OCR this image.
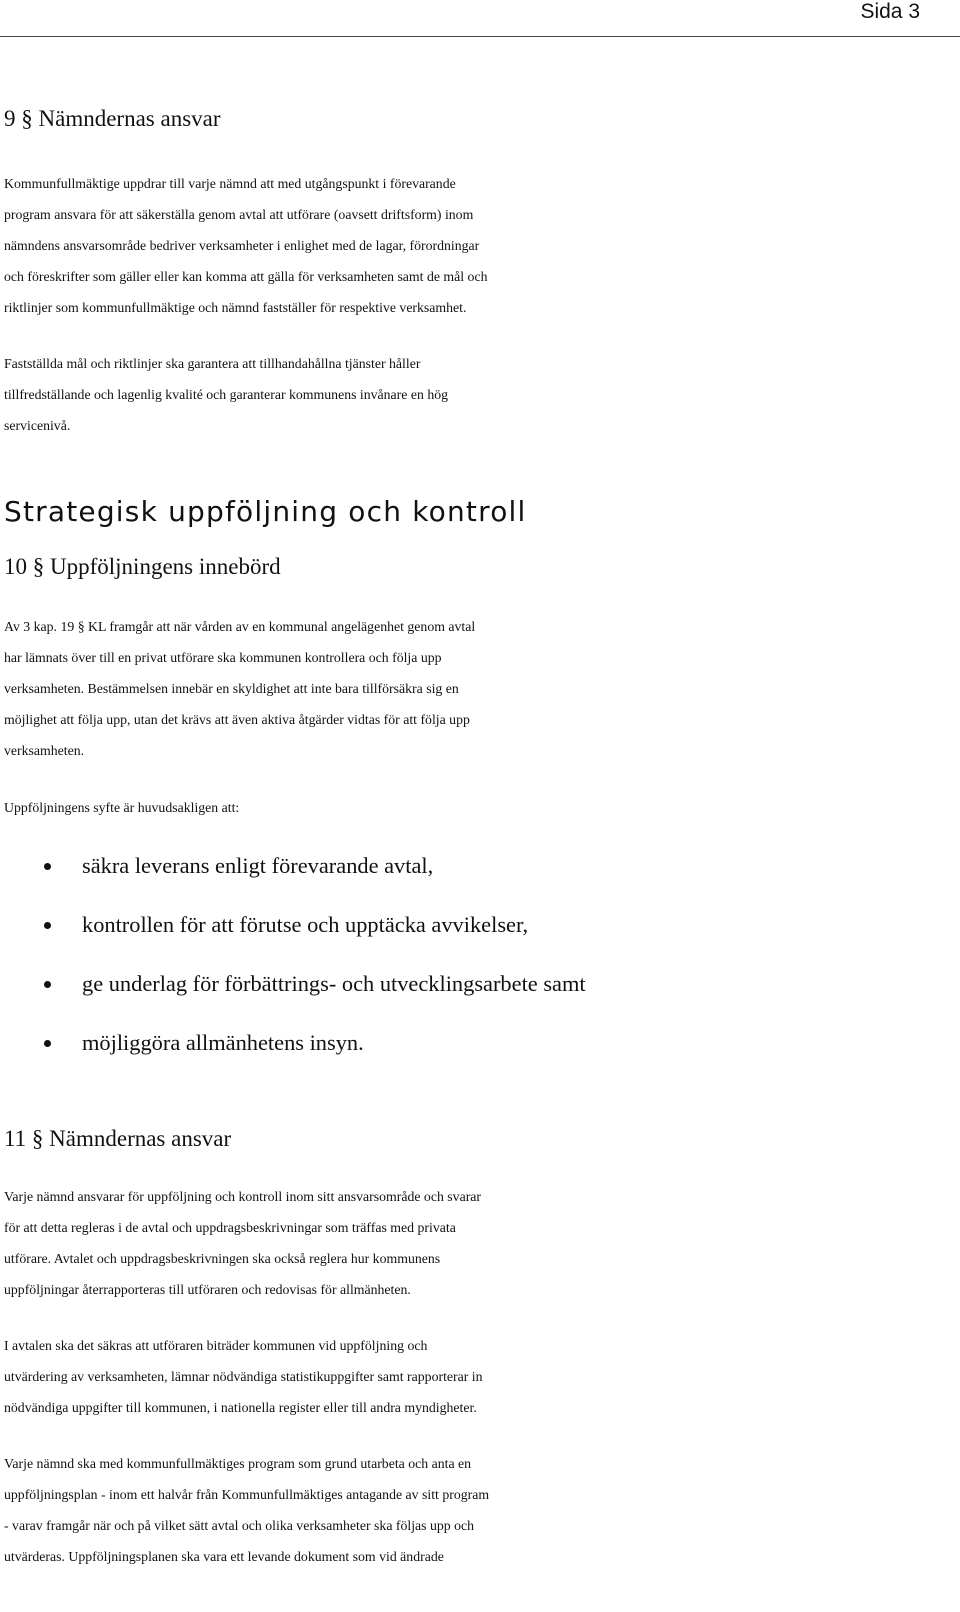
Sida 3
9 § Nämndernas ansvar

Kommunfullmäktige uppdrar till varje nämnd att med utgångspunkt i förevarande
program ansvara för att säkerställa genom avtal att utförare (oavsett driftsform) inom
nämndens ansvarsområde bedriver verksamheter i enlighet med de lagar, förordningar
och föreskrifter som gäller eller kan komma att gälla för verksamheten samt de mål och
riktlinjer som kommunfullmäktige och nämnd fastställer för respektive verksamhet.

Fastställda mål och riktlinjer ska garantera att tillhandahållna tjänster håller
tillfredställande och lagenlig kvalité och garanterar kommunens invånare en hög
servicenivå.

Strategisk uppföljning och kontroll
10 § Uppföljningens innebörd

Av 3 kap. 19 § KL framgår att när vården av en kommunal angelägenhet genom avtal
har lämnats över till en privat utförare ska kommunen kontrollera och följa upp
verksamheten. Bestämmelsen innebär en skyldighet att inte bara tillförsäkra sig en
möjlighet att följa upp, utan det krävs att även aktiva åtgärder vidtas för att följa upp
verksamheten.

Uppföljningens syfte är huvudsakligen att:

säkra leverans enligt förevarande avtal,
kontrollen för att förutse och upptäcka avvikelser,
ge underlag för förbättrings- och utvecklingsarbete samt
möjliggöra allmänhetens insyn.
11 § Nämndernas ansvar

Varje nämnd ansvarar för uppföljning och kontroll inom sitt ansvarsområde och svarar
för att detta regleras i de avtal och uppdragsbeskrivningar som träffas med privata
utförare. Avtalet och uppdragsbeskrivningen ska också reglera hur kommunens
uppföljningar återrapporteras till utföraren och redovisas för allmänheten.

I avtalen ska det säkras att utföraren biträder kommunen vid uppföljning och
utvärdering av verksamheten, lämnar nödvändiga statistikuppgifter samt rapporterar in
nödvändiga uppgifter till kommunen, i nationella register eller till andra myndigheter.

Varje nämnd ska med kommunfullmäktiges program som grund utarbeta och anta en
uppföljningsplan - inom ett halvår från Kommunfullmäktiges antagande av sitt program
- varav framgår när och på vilket sätt avtal och olika verksamheter ska följas upp och
utvärderas. Uppföljningsplanen ska vara ett levande dokument som vid ändrade
